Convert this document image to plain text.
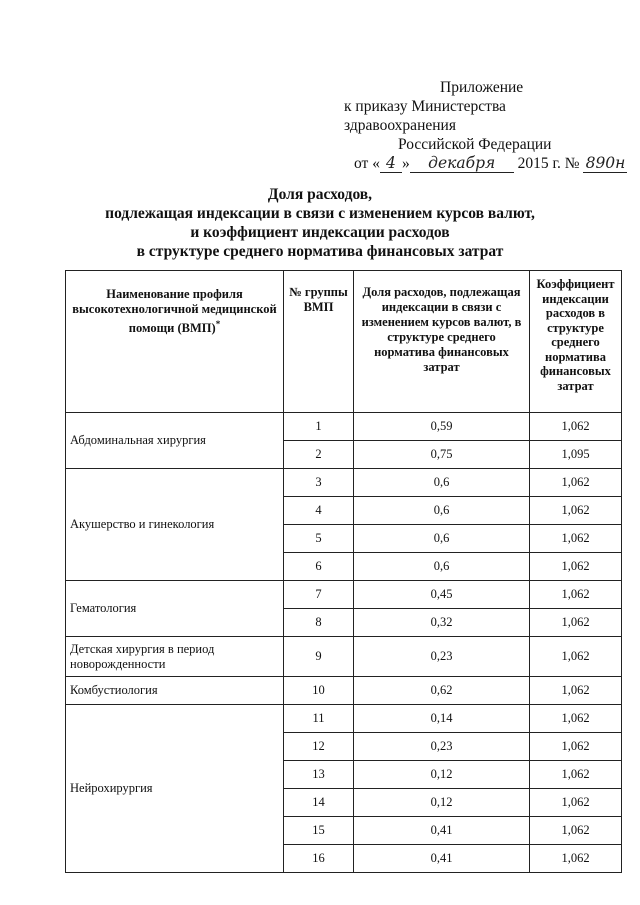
Приложение
к приказу Министерства здравоохранения
Российской Федерации
от « 4 » декабря 2015 г. № 890н
Доля расходов,
подлежащая индексации в связи с изменением курсов валют,
и коэффициент индексации расходов
в структуре среднего норматива финансовых затрат
Наименование профиля высокотехнологичной медицинской помощи (ВМП)*	№ группы ВМП	Доля расходов, подлежащая индексации в связи с изменением курсов валют, в структуре среднего норматива финансовых затрат	Коэффициент индексации расходов в структуре среднего норматива финансовых затрат
Абдоминальная хирургия	1	0,59	1,062
	2	0,75	1,095
Акушерство и гинекология	3	0,6	1,062
	4	0,6	1,062
	5	0,6	1,062
	6	0,6	1,062
Гематология	7	0,45	1,062
	8	0,32	1,062
Детская хирургия в период новорожденности	9	0,23	1,062
Комбустиология	10	0,62	1,062
Нейрохирургия	11	0,14	1,062
	12	0,23	1,062
	13	0,12	1,062
	14	0,12	1,062
	15	0,41	1,062
	16	0,41	1,062
